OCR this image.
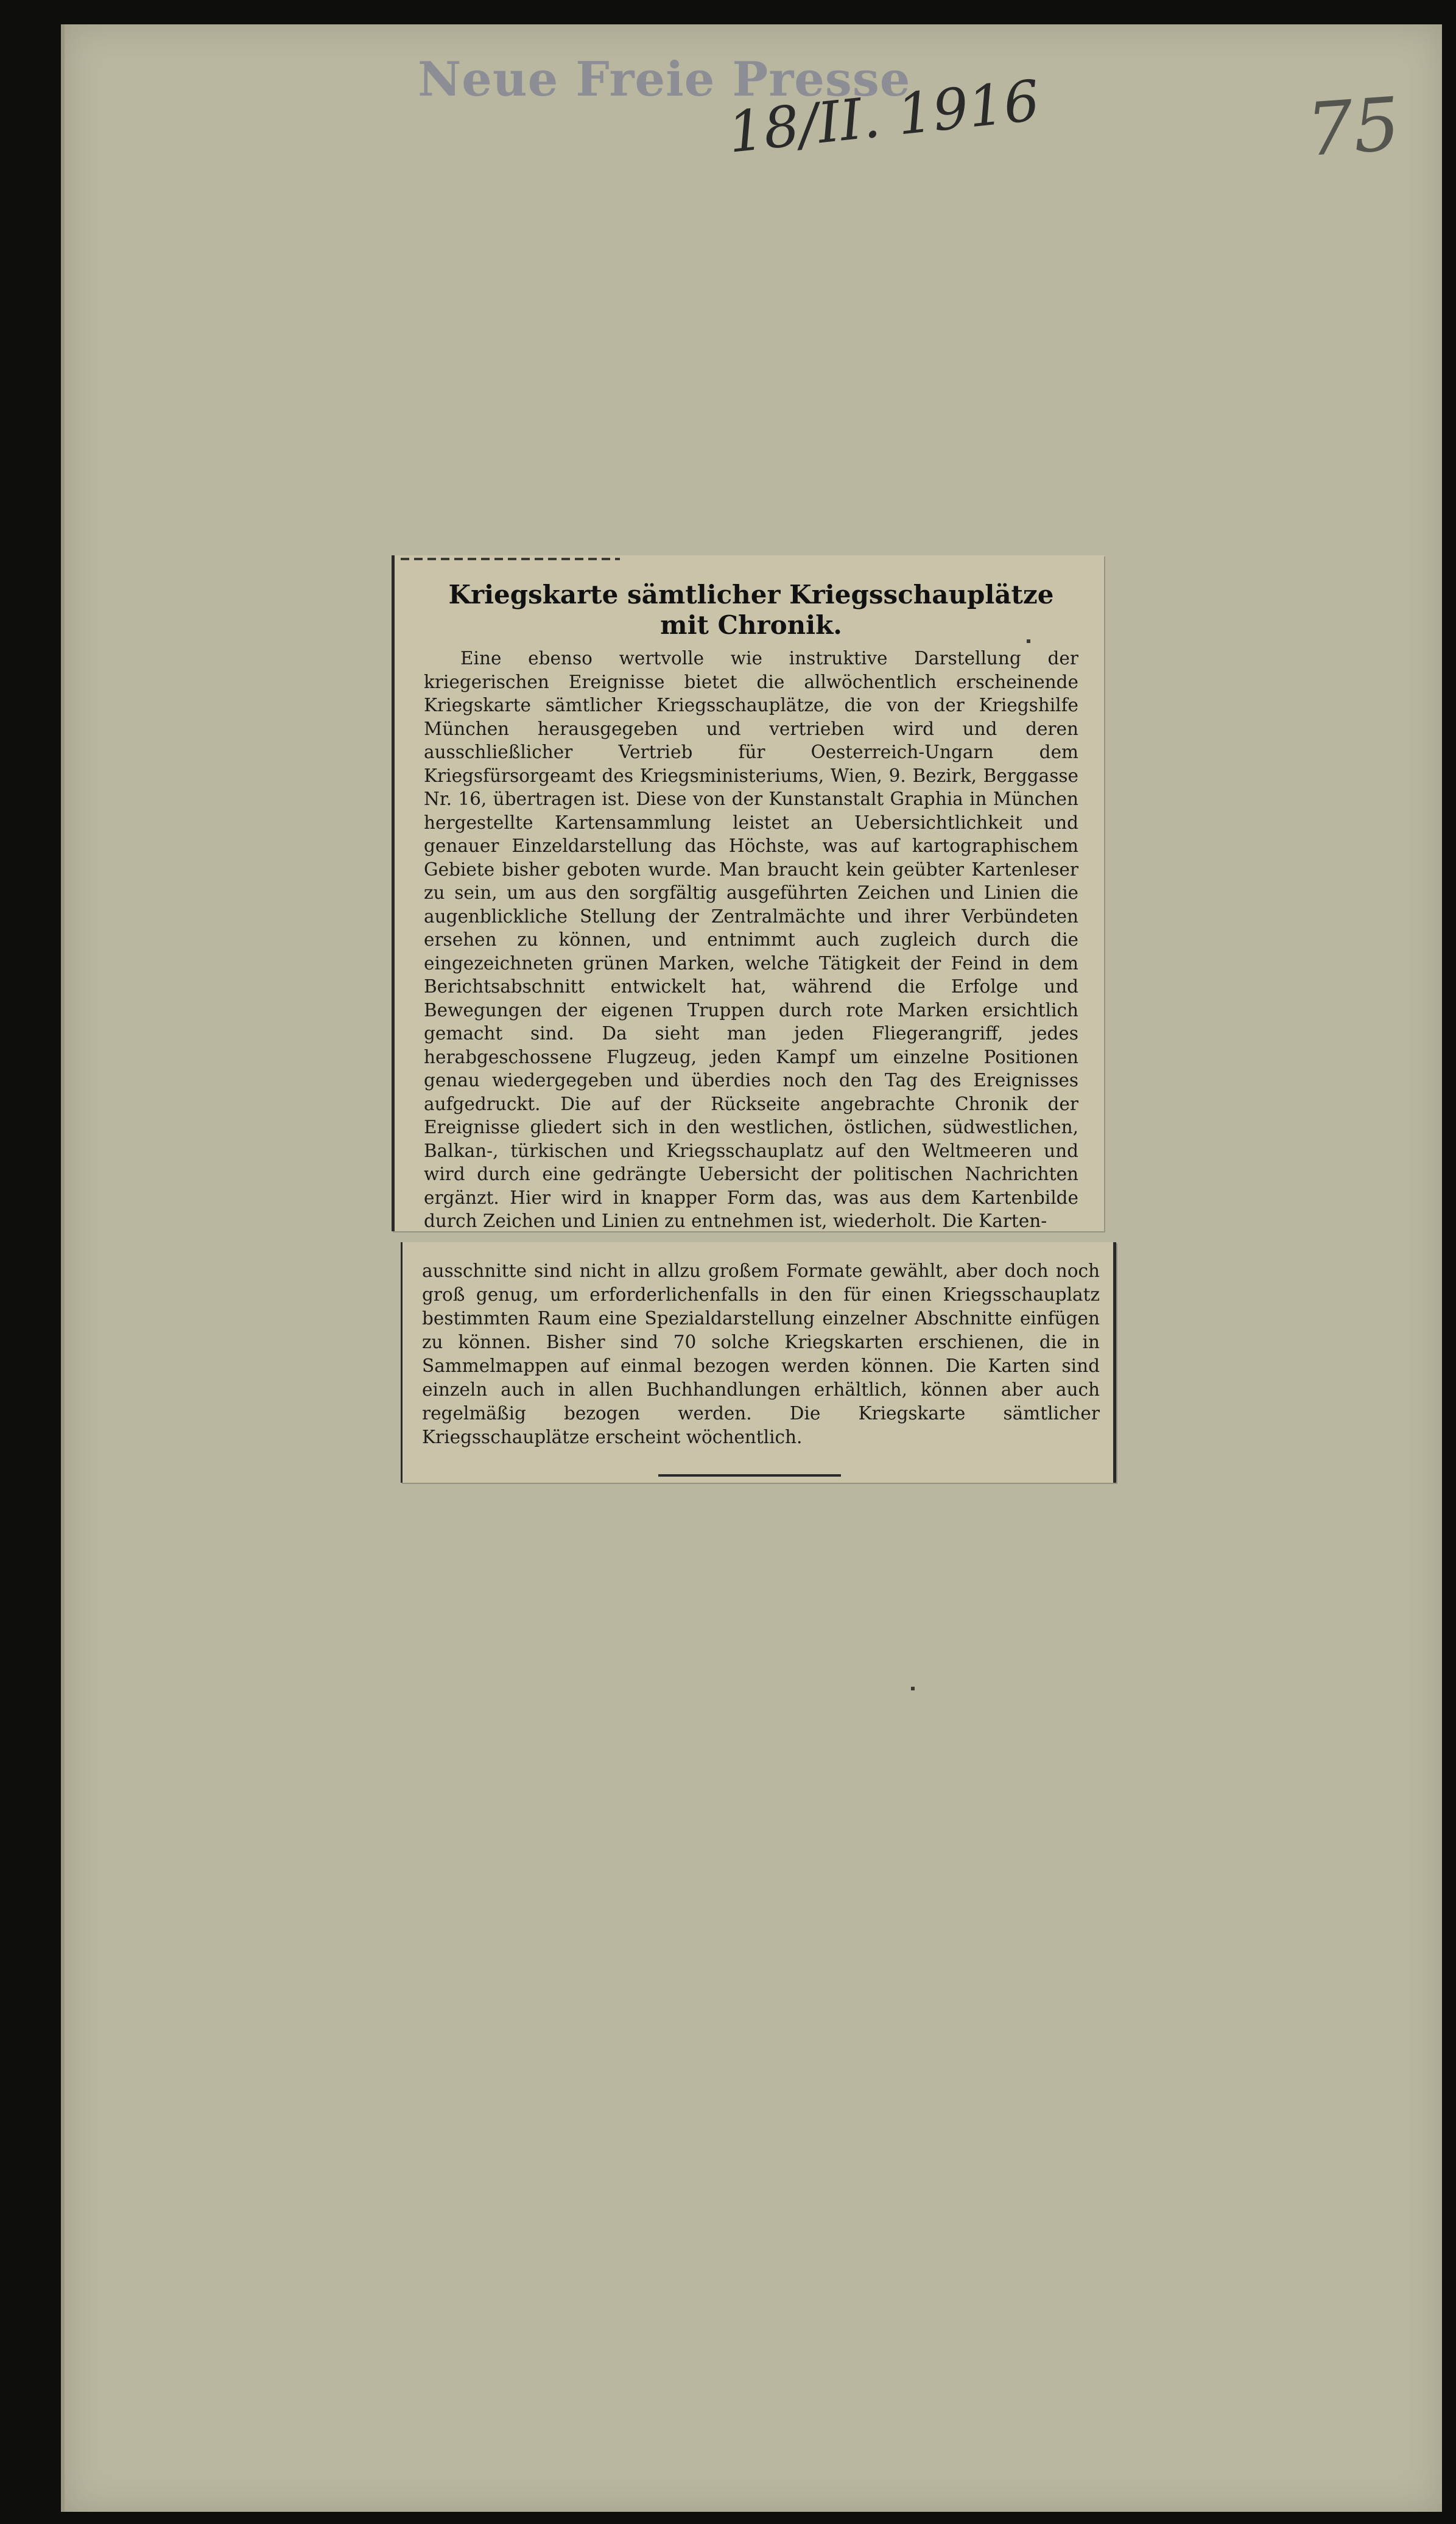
Neue Freie Presse
18/II. 1916	75
Kriegskarte sämtlicher Kriegsschauplätze mit Chronik.

Eine ebenso wertvolle wie instruktive Darstellung der kriegerischen Ereignisse bietet die allwöchentlich erscheinende Kriegskarte sämtlicher Kriegsschauplätze, die von der Kriegshilfe München herausgegeben und vertrieben wird und deren ausschließlicher Vertrieb für Oesterreich-Ungarn dem Kriegsfürsorgeamt des Kriegsministeriums, Wien, 9. Bezirk, Berggasse Nr. 16, übertragen ist. Diese von der Kunstanstalt Graphia in München hergestellte Kartensammlung leistet an Uebersichtlichkeit und genauer Einzeldarstellung das Höchste, was auf kartographischem Gebiete bisher geboten wurde. Man braucht kein geübter Kartenleser zu sein, um aus den sorgfältig ausgeführten Zeichen und Linien die augenblickliche Stellung der Zentralmächte und ihrer Verbündeten ersehen zu können, und entnimmt auch zugleich durch die eingezeichneten grünen Marken, welche Tätigkeit der Feind in dem Berichtsabschnitt entwickelt hat, während die Erfolge und Bewegungen der eigenen Truppen durch rote Marken ersichtlich gemacht sind. Da sieht man jeden Fliegerangriff, jedes herabgeschossene Flugzeug, jeden Kampf um einzelne Positionen genau wiedergegeben und überdies noch den Tag des Ereignisses aufgedruckt. Die auf der Rückseite angebrachte Chronik der Ereignisse gliedert sich in den westlichen, östlichen, südwestlichen, Balkan-, türkischen und Kriegsschauplatz auf den Weltmeeren und wird durch eine gedrängte Uebersicht der politischen Nachrichten ergänzt. Hier wird in knapper Form das, was aus dem Kartenbilde durch Zeichen und Linien zu entnehmen ist, wiederholt. Die Karten-

ausschnitte sind nicht in allzu großem Formate gewählt, aber doch noch groß genug, um erforderlichenfalls in den für einen Kriegsschauplatz bestimmten Raum eine Spezialdarstellung einzelner Abschnitte einfügen zu können. Bisher sind 70 solche Kriegskarten erschienen, die in Sammelmappen auf einmal bezogen werden können. Die Karten sind einzeln auch in allen Buchhandlungen erhältlich, können aber auch regelmäßig bezogen werden. Die Kriegskarte sämtlicher Kriegsschauplätze erscheint wöchentlich.
